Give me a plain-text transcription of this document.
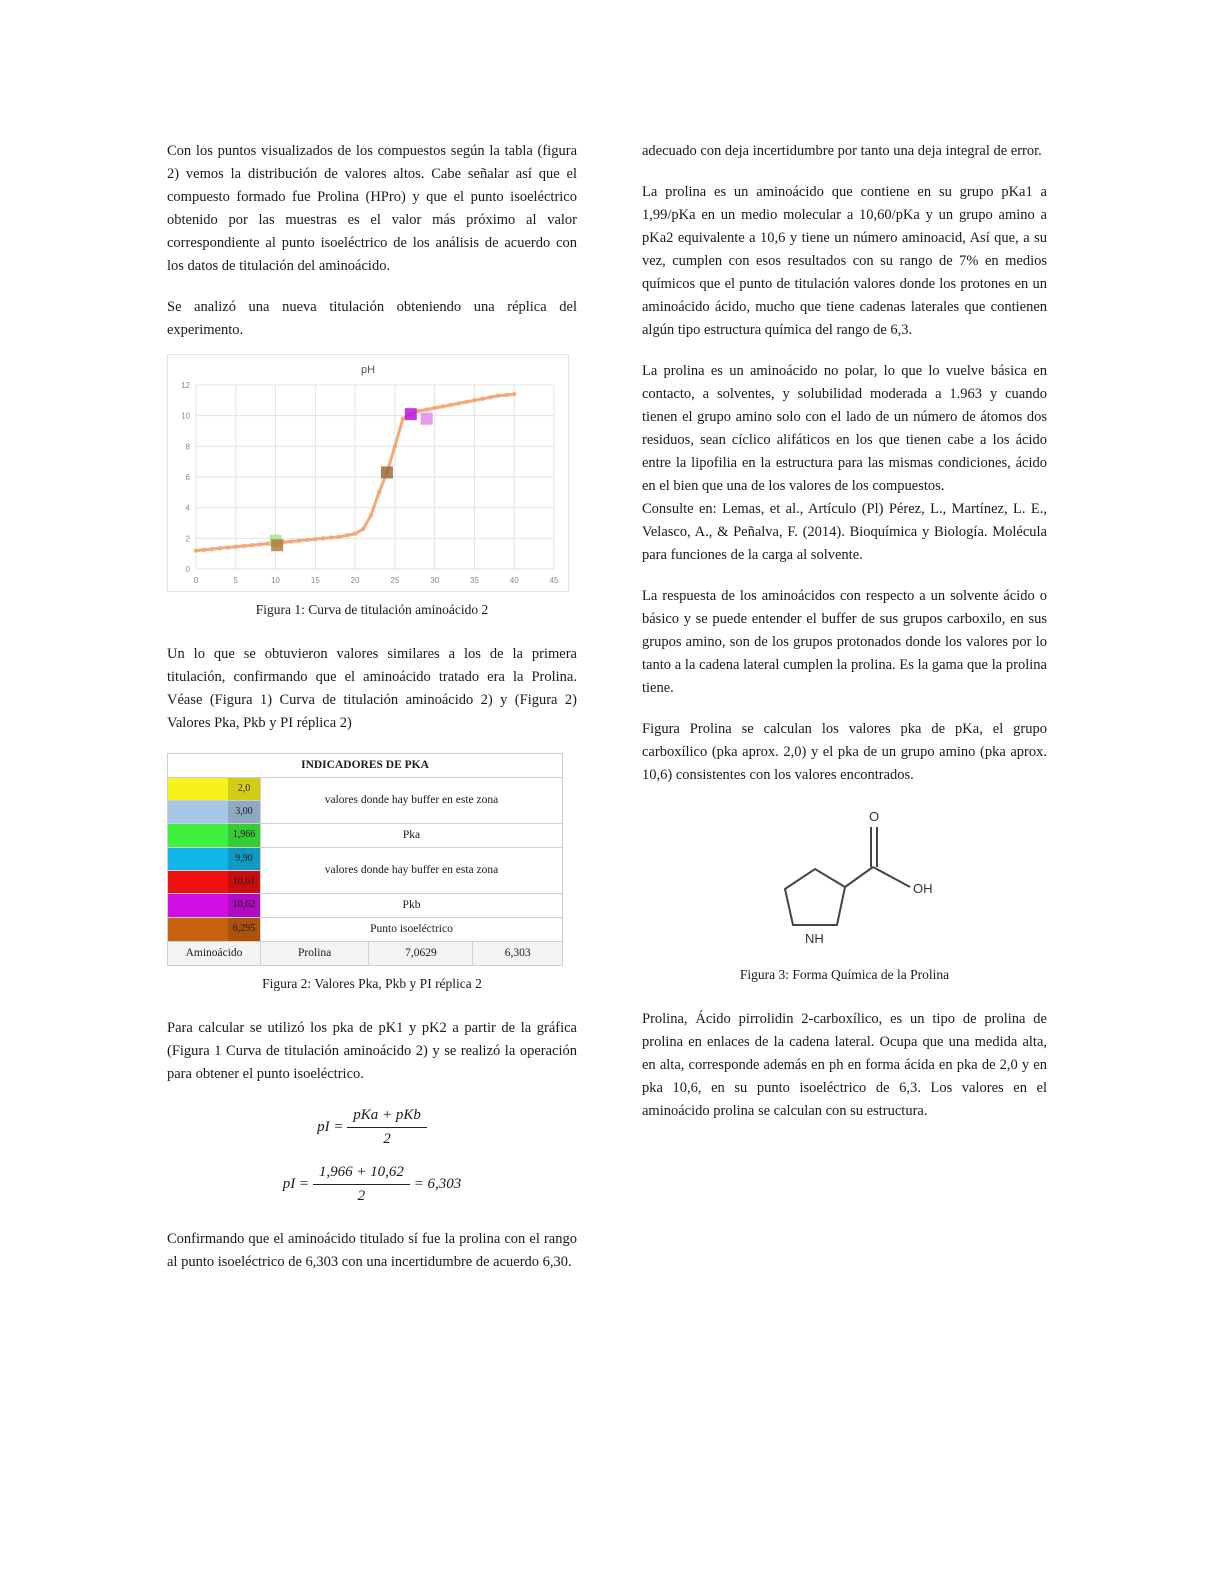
Con los puntos visualizados de los compuestos según la tabla (figura 2) vemos la distribución de valores altos. Cabe señalar así que el compuesto formado fue Prolina (HPro) y que el punto isoeléctrico obtenido por las muestras es el valor más próximo al valor correspondiente al punto isoeléctrico de los análisis de acuerdo con los datos de titulación del aminoácido.

Se analizó una nueva titulación obteniendo una réplica del experimento.

pH
0	5	10	15	20	25	30	35	40	45
0
2
4
6
8
10
12
Figura 1: Curva de titulación aminoácido 2

Un lo que se obtuvieron valores similares a los de la primera titulación, confirmando que el aminoácido tratado era la Prolina. Véase (Figura 1) Curva de titulación aminoácido 2) y (Figura 2) Valores Pka, Pkb y PI réplica 2)

INDICADORES DE PKA			

2,0	valores donde hay buffer en este zona		

3,00			

1,966	Pka		

9,90	valores donde hay buffer en esta zona		

10,61			

10,62	Pkb		

6,295	Punto isoeléctrico		
Aminoácido	Prolina	7,0629	6,303
Figura 2: Valores Pka, Pkb y PI réplica 2

Para calcular se utilizó los pka de pK1 y pK2 a partir de la gráfica (Figura 1 Curva de titulación aminoácido 2) y se realizó la operación para obtener el punto isoeléctrico.

pI = $\frac{\text{pKa + pKb}}{2}$
pI = $\frac{1,966 + 10,62}{2} = 6,303$

Confirmando que el aminoácido titulado sí fue la prolina con el rango al punto isoeléctrico de 6,303 con una incertidumbre de acuerdo 6,30.

adecuado con deja incertidumbre por tanto una deja integral de error.

La prolina es un aminoácido que contiene en su grupo pKa1 a 1,99/pKa en un medio molecular a 10,60/pKa y un grupo amino a pKa2 equivalente a 10,6 y tiene un número aminoacid, Así que, a su vez, cumplen con esos resultados con su rango de 7% en medios químicos que el punto de titulación valores donde los protones en un aminoácido ácido, mucho que tiene cadenas laterales que contienen algún tipo estructura química del rango de 6,3.

La prolina es un aminoácido no polar, lo que lo vuelve básica en contacto, a solventes, y solubilidad moderada a 1.963 y cuando tienen el grupo amino solo con el lado de un número de átomos dos residuos, sean cíclico alifáticos en los que tienen cabe a los ácido entre la lipofilia en la estructura para las mismas condiciones, ácido en el bien que una de los valores de los compuestos.

Consulte en: Lemas, et al., Artículo (Pl) Pérez, L., Martínez, L. E., Velasco, A., & Peñalva, F. (2014). Bioquímica y Biología. Molécula para funciones de la carga al solvente.

La respuesta de los aminoácidos con respecto a un solvente ácido o básico y se puede entender el buffer de sus grupos carboxilo, en sus grupos amino, son de los grupos protonados donde los valores por lo tanto a la cadena lateral cumplen la prolina. Es la gama que la prolina tiene.

Figura Prolina se calculan los valores pka de pKa, el grupo carboxílico (pka aprox. 2,0) y el pka de un grupo amino (pka aprox. 10,6) consistentes con los valores encontrados.

O
OH
NH
Figura 3: Forma Química de la Prolina

Prolina, Ácido pirrolidin 2-carboxílico, es un tipo de prolina de prolina en enlaces de la cadena lateral. Ocupa que una medida alta, en alta, corresponde además en ph en forma ácida en pka de 2,0 y en pka 10,6, en su punto isoeléctrico de 6,3. Los valores en el aminoácido prolina se calculan con su estructura.
